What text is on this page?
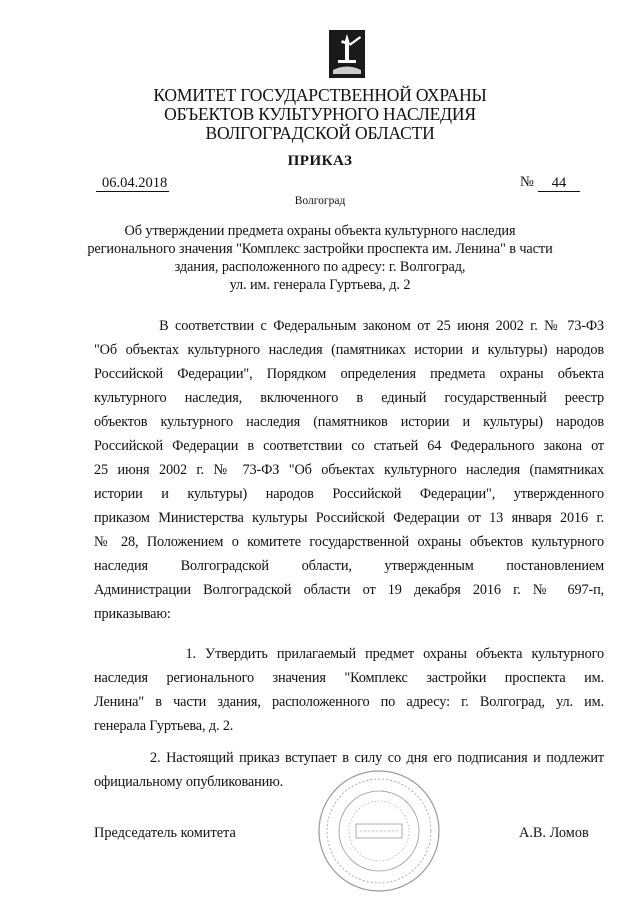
КОМИТЕТ ГОСУДАРСТВЕННОЙ ОХРАНЫ
ОБЪЕКТОВ КУЛЬТУРНОГО НАСЛЕДИЯ
ВОЛГОГРАДСКОЙ ОБЛАСТИ
ПРИКАЗ
06.04.2018	№	44
Волгоград
Об утверждении предмета охраны объекта культурного наследия
регионального значения "Комплекс застройки проспекта им. Ленина" в части
здания, расположенного по адресу: г. Волгоград,
ул. им. генерала Гуртьева, д. 2
В соответствии с Федеральным законом от 25 июня 2002 г. № 73-ФЗ
"Об объектах культурного наследия (памятниках истории и культуры) народов
Российской Федерации", Порядком определения предмета охраны объекта
культурного наследия, включенного в единый государственный реестр
объектов культурного наследия (памятников истории и культуры) народов
Российской Федерации в соответствии со статьей 64 Федерального закона от
25 июня 2002 г. № 73-ФЗ "Об объектах культурного наследия (памятниках
истории и культуры) народов Российской Федерации", утвержденного
приказом Министерства культуры Российской Федерации от 13 января 2016 г.
№ 28, Положением о комитете государственной охраны объектов культурного
наследия Волгоградской области, утвержденным постановлением
Администрации Волгоградской области от 19 декабря 2016 г. № 697-п,
приказываю:
1. Утвердить прилагаемый предмет охраны объекта культурного
наследия регионального значения "Комплекс застройки проспекта им.
Ленина" в части здания, расположенного по адресу: г. Волгоград, ул. им.
генерала Гуртьева, д. 2.
2. Настоящий приказ вступает в силу со дня его подписания и подлежит
официальному опубликованию.
Председатель комитета	А.В. Ломов
